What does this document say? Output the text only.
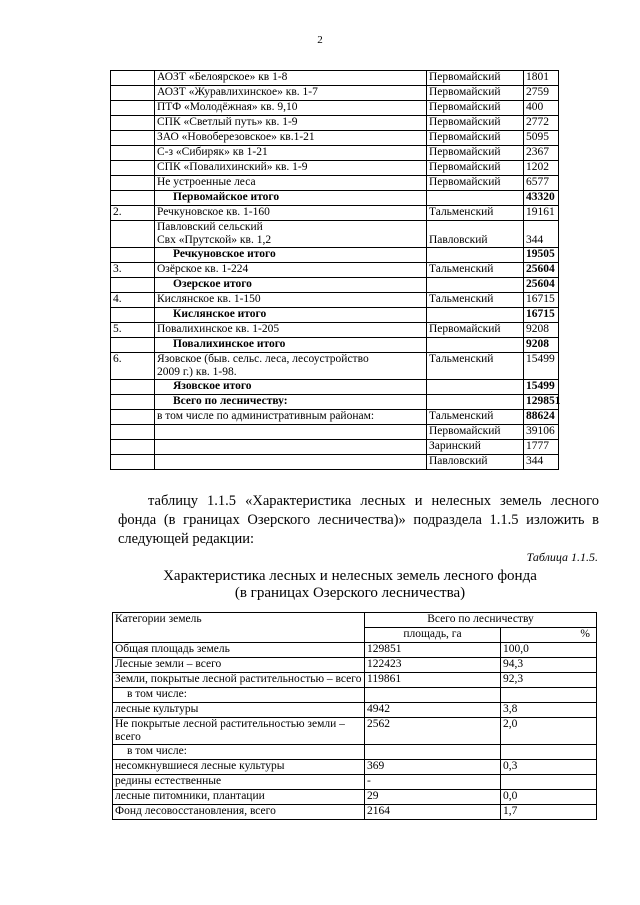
2
	АОЗТ «Белоярское» кв 1-8	Первомайский	1801
	АОЗТ «Журавлихинское» кв. 1-7	Первомайский	2759
	ПТФ «Молодёжная» кв. 9,10	Первомайский	400
	СПК «Светлый путь» кв. 1-9	Первомайский	2772
	ЗАО «Новоберезовское» кв.1-21	Первомайский	5095
	С-з «Сибиряк» кв 1-21	Первомайский	2367
	СПК «Повалихинский» кв. 1-9	Первомайский	1202
	Не устроенные леса	Первомайский	6577
	Первомайское итого		43320
2.	Речкуновское кв. 1-160	Тальменский	19161
	Павловский сельский
Свх «Прутской» кв. 1,2	Павловский	344
	Речкуновское итого		19505
3.	Озёрское кв. 1-224	Тальменский	25604
	Озерское итого		25604
4.	Кислянское кв. 1-150	Тальменский	16715
	Кислянское итого		16715
5.	Повалихинское кв. 1-205	Первомайский	9208
	Повалихинское итого		9208
6.	Язовское (быв. сельс. леса, лесоустройство
2009 г.) кв. 1-98.	Тальменский	15499
	Язовское итого		15499
	Всего по лесничеству:		129851
	в том числе по административным районам:	Тальменский	88624
		Первомайский	39106
		Заринский	1777
		Павловский	344

таблицу 1.1.5 «Характеристика лесных и нелесных земель лесного фонда (в границах Озерского лесничества)» подраздела 1.1.5 изложить в следующей редакции:

Таблица 1.1.5.
Характеристика лесных и нелесных земель лесного фонда
(в границах Озерского лесничества)
Категории земель	Всего по лесничеству	
	площадь, га	%
Общая площадь земель	129851	100,0
Лесные земли – всего	122423	94,3
Земли, покрытые лесной растительностью – всего	119861	92,3
в том числе:		
лесные культуры	4942	3,8
Не покрытые лесной растительностью земли – всего	2562	2,0
в том числе:		
несомкнувшиеся лесные культуры	369	0,3
редины естественные	-	
лесные питомники, плантации	29	0,0
Фонд лесовосстановления, всего	2164	1,7
